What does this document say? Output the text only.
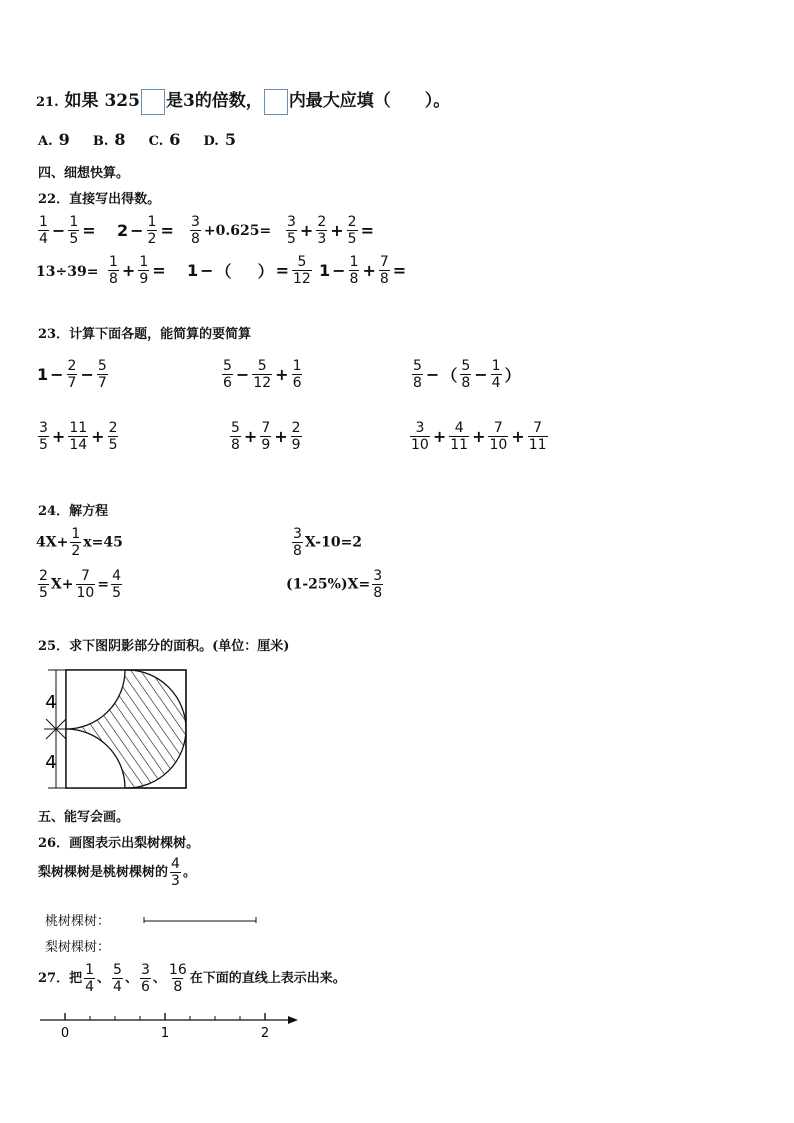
21. 如果 325 是3的倍数， 内最大应填（　　）。
A. 9 B. 8 C. 6 D. 5
四、细想快算。
22．直接写出得数。
$\frac{1}{4} - \frac{1}{5} = 2 - \frac{1}{2} = \frac{3}{8} +0.625= \frac{3}{5} + \frac{2}{3} + \frac{2}{5}$ =
$13\div 39= \frac{1}{8} + \frac{1}{9} = 1$ − （ ） = $\frac{5}{12} 1 - \frac{1}{8} + \frac{7}{8}$ =
23．计算下面各题，能简算的要简算
$1 - \frac{2}{7} - \frac{5}{7}$	$\frac{5}{6} - \frac{5}{12} + \frac{1}{6}$	$\frac{5}{8}$ − （ $\frac{5}{8} - \frac{1}{4}$ ）
$\frac{3}{5} + \frac{11}{14} + \frac{2}{5}$	$\frac{5}{8} + \frac{7}{9} + \frac{2}{9}$	$\frac{3}{10} + \frac{4}{11} + \frac{7}{10} + \frac{7}{11}$
24．解方程
$4X+ \frac{1}{2} x=45$	$\frac{3}{8} X-10=2$
$\frac{2}{5} X+ \frac{7}{10} = \frac{4}{5}$	$(1-25\%)X= \frac{3}{8}$
25．求下图阴影部分的面积。(单位：厘米)
4
4
五、能写会画。
26．画图表示出梨树棵树。
梨树棵树是桃树棵树的 $\frac{4}{3}$ 。
桃树棵树：
梨树棵树：
27．把 $\frac{1}{4}$ 、 $\frac{5}{4}$ 、 $\frac{3}{6}$ 、 $\frac{16}{8}$ 在下面的直线上表示出来。
0	1	2
